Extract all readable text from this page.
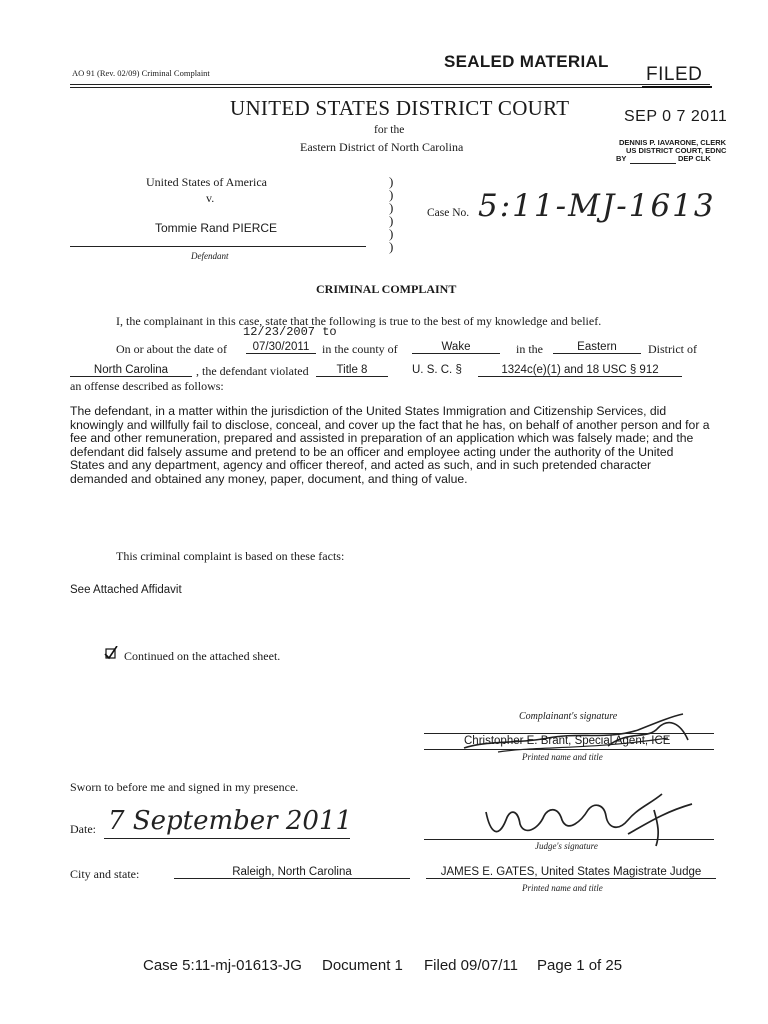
AO 91 (Rev. 02/09) Criminal Complaint
SEALED MATERIAL
FILED
SEP 0 7 2011
DENNIS P. IAVARONE, CLERK
US DISTRICT COURT, EDNC
BY	DEP CLK
UNITED STATES DISTRICT COURT
for the
Eastern District of North Carolina
United States of America
v.
Tommie Rand PIERCE
Defendant
)
)
)
)
)
)
Case No. 5:11-MJ-1613
CRIMINAL COMPLAINT
I, the complainant in this case, state that the following is true to the best of my knowledge and belief.
12/23/2007 to
On or about the date of	07/30/2011	in the county of	Wake	in the	Eastern	District of
North Carolina	, the defendant violated	Title 8	U. S. C. §	1324c(e)(1) and 18 USC § 912
an offense described as follows:
The defendant, in a matter within the jurisdiction of the United States Immigration and Citizenship Services, did knowingly and willfully fail to disclose, conceal, and cover up the fact that he has, on behalf of another person and for a fee and other remuneration, prepared and assisted in preparation of an application which was falsely made; and the defendant did falsely assume and pretend to be an officer and employee acting under the authority of the United States and any department, agency and officer thereof, and acted as such, and in such pretended character demanded and obtained any money, paper, document, and thing of value.
This criminal complaint is based on these facts:
See Attached Affidavit
Continued on the attached sheet.
Complainant's signature
Christopher E. Brant, Special Agent, ICE
Printed name and title
Sworn to before me and signed in my presence.
Date: 7 September 2011
Judge's signature
City and state:	Raleigh, North Carolina	JAMES E. GATES, United States Magistrate Judge
Printed name and title
Case 5:11-mj-01613-JG Document 1 Filed 09/07/11 Page 1 of 25
